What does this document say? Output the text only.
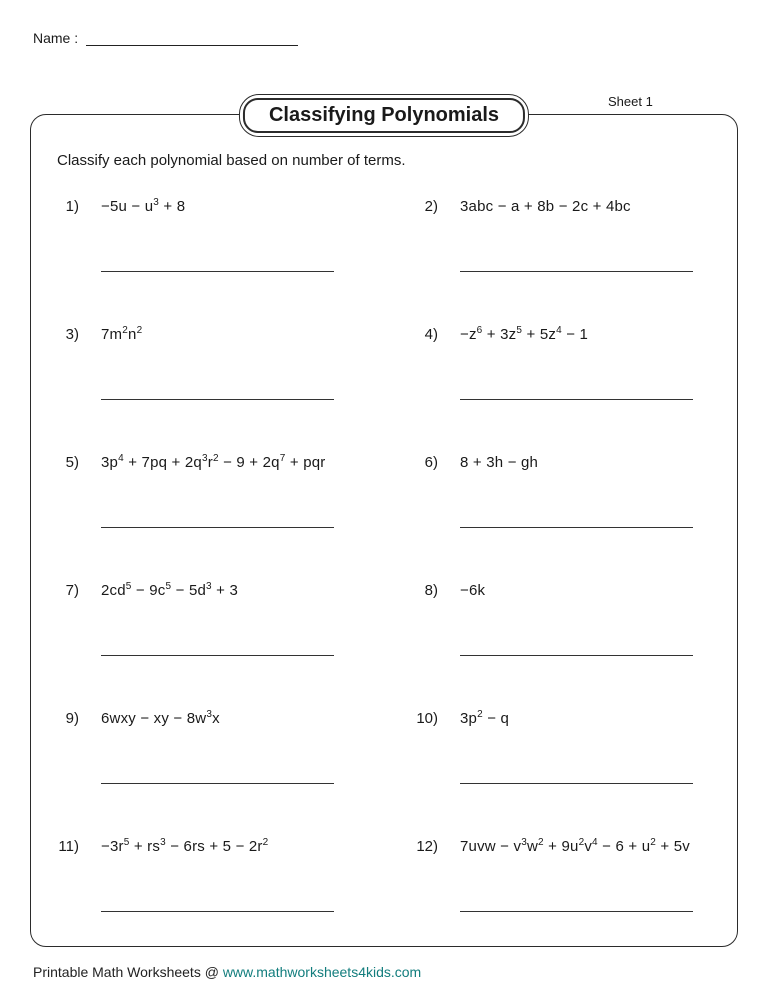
Name :
Sheet 1
Classifying Polynomials
Classify each polynomial based on number of terms.
$1) -5u - u^3 + 8$	2) 3abc − a + 8b − 2c + 4bc
3) $7m^2n^2$	$4) -z^6 + 3z^5 + 5z^4 - 1$
5) $3p^4 + 7pq + 2q^3r^2 - 9 + 2q^7$ + pqr	6) 8 + 3h − gh
7) $2cd^5 - 9c^5 - 5d^3 + 3$	8) −6k
9) 6wxy − xy − $8w^3x$	10) $3p^2 - q$
$11) -3r^5 + rs^3 - 6rs + 5 - 2r^2$	12) $7uvw - v^3w^2 + 9u^2v^4 - 6 + u^2 + 5v$
Printable Math Worksheets @ www.mathworksheets4kids.com
